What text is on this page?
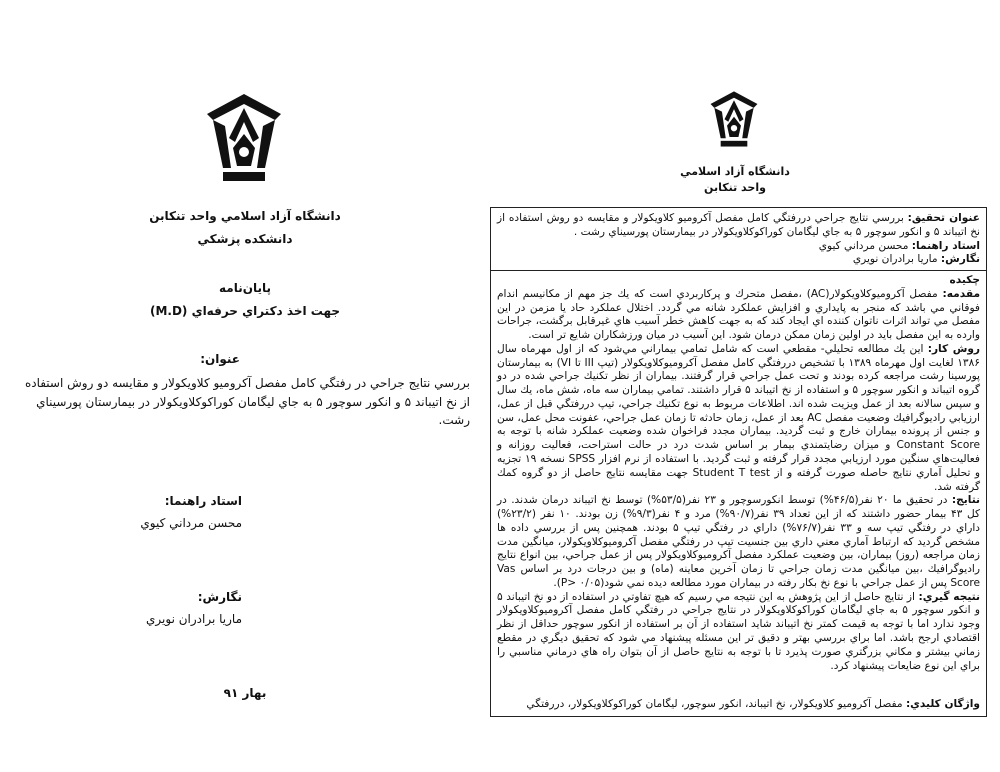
دانشگاه آزاد اسلامي واحد تنكابن
دانشكده پزشكي
پايان‌نامه
جهت اخذ دكتراي حرفه‌اي (M.D)
عنوان:
بررسي نتايج جراحي در رفتگي كامل مفصل آكروميو كلاويكولار و مقايسه دو روش استفاده از نخ اتيباند ۵ و انكور سوچور ۵ به جاي ليگامان كوراكوكلاويكولار در بيمارستان پورسيناي رشت.
استاد راهنما:
محسن مرداني كيوي
نگارش:
ماريا برادران نويري
بهار ۹۱
دانشگاه آزاد اسلامي
واحد تنكابن

عنوان تحقيق: بررسي نتايج جراحي دررفتگي كامل مفصل آكروميو كلاويكولار و مقايسه دو روش استفاده از نخ اتيباند ۵ و انكور سوچور ۵ به جاي ليگامان كوراكوكلاويكولار در بيمارستان پورسيناي رشت .

استاد راهنما: محسن مرداني كيوي

نگارش: ماريا برادران نويري

چكيده

مقدمه: مفصل آكروميوكلاويكولار(AC) ،مفصل متحرك و پركاربردي است كه يك جز مهم از مكانيسم اندام فوقاني مي باشد كه منجر به پايداري و افزايش عملكرد شانه مي گردد. اختلال عملكرد حاد يا مزمن در اين مفصل مي تواند اثرات ناتوان كننده اي ايجاد كند كه به جهت كاهش خطر آسيب هاي غيرقابل برگشت، جراحات وارده به اين مفصل بايد در اولين زمان ممكن درمان شود. اين آسيب در ميان ورزشكاران شايع تر است.

روش كار: اين يك مطالعه تحليلي- مقطعي است كه شامل تمامي بيماراني مي‌شود كه از اول مهرماه سال ۱۳۸۶ لغايت اول مهرماه ۱۳۸۹ با تشخيص دررفتگي كامل مفصل آكروميوكلاويكولار (تيپ III تا VI) به بيمارستان پورسينا رشت مراجعه كرده بودند و تحت عمل جراحي قرار گرفتند. بيماران از نظر تكنيك جراحي شده در دو گروه اتيباند و انكور سوچور ۵ و استفاده از نخ اتيباند ۵ قرار داشتند. تمامي بيماران سه ماه، شش ماه، يك سال و سپس سالانه بعد از عمل ويزيت شده اند. اطلاعات مربوط به نوع تكنيك جراحي، تيپ دررفتگي قبل از عمل، ارزيابي راديوگرافيك وضعيت مفصل AC بعد از عمل، زمان حادثه تا زمان عمل جراحي، عفونت محل عمل، سن و جنس از پرونده بيماران خارج و ثبت گرديد. بيماران مجدد فراخوان شده وضعيت عملكرد شانه با توجه به Constant Score و ميزان رضايتمندي بيمار بر اساس شدت درد در حالت استراحت، فعاليت روزانه و فعاليت‌هاي سنگين مورد ارزيابي مجدد قرار گرفته و ثبت گرديد. با استفاده از نرم افزار SPSS نسخه ۱۹ تجزيه و تحليل آماري نتايج حاصله صورت گرفته و از Student T test جهت مقايسه نتايج حاصل از دو گروه كمك گرفته شد.

نتايج: در تحقيق ما ۲۰ نفر(۴۶/۵%) توسط انكورسوچور و ۲۳ نفر(۵۳/۵%) توسط نخ اتيباند درمان شدند. در كل ۴۳ بيمار حضور داشتند كه از اين تعداد ۳۹ نفر(۹۰/۷%) مرد و ۴ نفر(۹/۳%) زن بودند. ۱۰ نفر (۲۳/۲%) داراي در رفتگي تيپ سه و ۳۳ نفر(۷۶/۷%) داراي در رفتگي تيپ ۵ بودند. همچنين پس از بررسي داده ها مشخص گرديد كه ارتباط آماري معني داري بين جنسيت تيپ در رفتگي مفصل آكروميوكلاويكولار، ميانگين مدت زمان مراجعه (روز) بيماران، بين وضعيت عملكرد مفصل آكروميوكلاويكولار پس از عمل جراحي، بين انواع نتايج راديوگرافيك ،بين ميانگين مدت زمان جراحي تا زمان آخرين معاينه (ماه) و بين درجات درد بر اساس Vas Score پس از عمل جراحي با نوع نخ بكار رفته در بيماران مورد مطالعه ديده نمي شود(P> ۰/۰۵).

نتيجه گيري: از نتايج حاصل از اين پژوهش به اين نتيجه مي رسيم كه هيچ تفاوتي در استفاده از دو نخ اتيباند ۵ و انكور سوچور ۵ به جاي ليگامان كوراكوكلاويكولار در نتايج جراحي در رفتگي كامل مفصل آكروميوكلاويكولار وجود ندارد اما با توجه به قيمت كمتر نخ اتيباند شايد استفاده از آن بر استفاده از انكور سوچور حداقل از نظر اقتصادي ارجح باشد. اما براي بررسي بهتر و دقيق تر اين مسئله پيشنهاد مي شود كه تحقيق ديگري در مقطع زماني بيشتر و مكاني بزرگتري صورت پذيرد تا با توجه به نتايج حاصل از آن بتوان راه هاي درماني مناسبي را براي اين نوع ضايعات پيشنهاد كرد.

واژگان كليدي: مفصل آكروميو كلاويكولار، نخ اتيباند، انكور سوچور، ليگامان كوراكوكلاويكولار، دررفتگي
